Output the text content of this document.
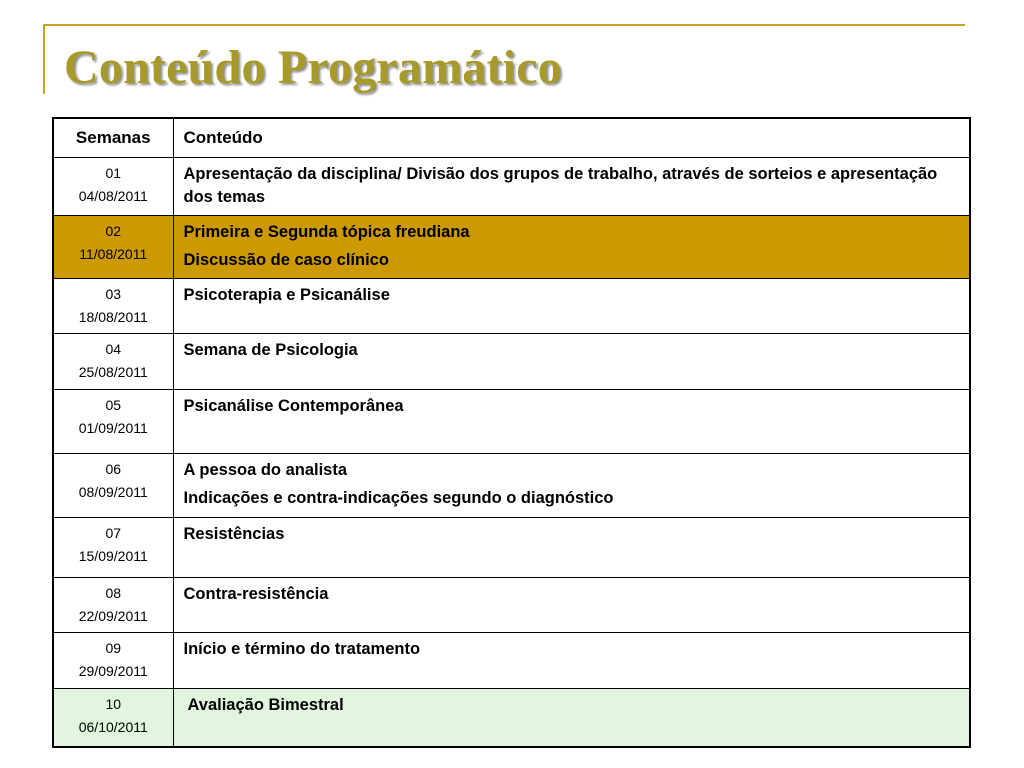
Conteúdo Programático
Semanas	Conteúdo

01
04/08/2011	Apresentação da disciplina/ Divisão dos grupos de trabalho, através de sorteios e apresentação dos temas

02
11/08/2011	Primeira e Segunda tópica freudiana
Discussão de caso clínico

03
18/08/2011	Psicoterapia e Psicanálise

04
25/08/2011	Semana de Psicologia

05
01/09/2011	Psicanálise Contemporânea

06
08/09/2011	A pessoa do analista
Indicações e contra-indicações segundo o diagnóstico

07
15/09/2011	Resistências

08
22/09/2011	Contra-resistência

09
29/09/2011	Início e término do tratamento

10
06/10/2011	Avaliação Bimestral
